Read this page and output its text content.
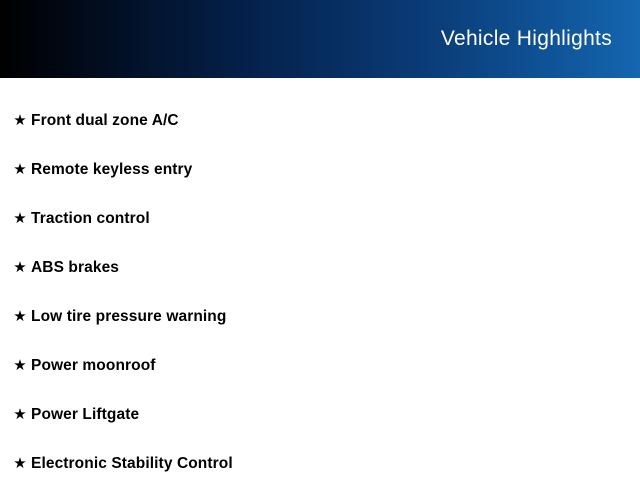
Vehicle Highlights
★ Front dual zone A/C
★ Remote keyless entry
★ Traction control
★ ABS brakes
★ Low tire pressure warning
★ Power moonroof
★ Power Liftgate
★ Electronic Stability Control
